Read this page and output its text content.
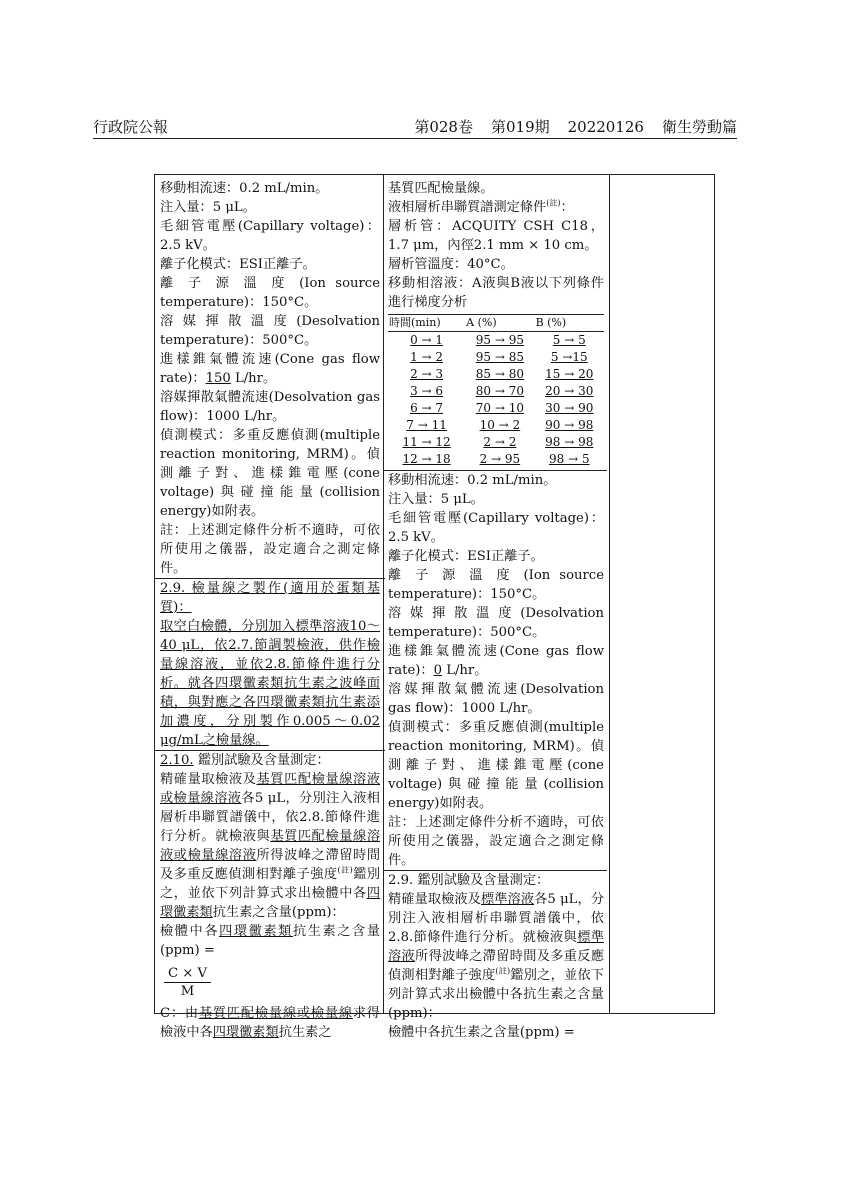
行政院公報	第028卷 第019期 20220126 衛生勞動篇

移動相流速：0.2 mL/min。

注入量：5 μL。

毛細管電壓(Capillary voltage)：2.5 kV。

離子化模式：ESI正離子。

離 子 源 溫 度 (Ion source temperature)：150°C。

溶 媒 揮 散 溫 度 (Desolvation temperature)：500°C。

進樣錐氣體流速(Cone gas flow rate)：150 L/hr。

溶媒揮散氣體流速(Desolvation gas flow)：1000 L/hr。

偵測模式：多重反應偵測(multiple reaction monitoring, MRM)。偵測離子對、進樣錐電壓(cone voltage)與碰撞能量(collision energy)如附表。

註：上述測定條件分析不適時，可依所使用之儀器，設定適合之測定條件。

2.9. 檢量線之製作(適用於蛋類基質)：

取空白檢體，分別加入標準溶液10～40 μL，依2.7.節調製檢液，供作檢量線溶液，並依2.8.節條件進行分析。就各四環黴素類抗生素之波峰面積，與對應之各四環黴素類抗生素添加濃度，分別製作0.005～0.02 μg/mL之檢量線。

2.10. 鑑別試驗及含量測定：

精確量取檢液及基質匹配檢量線溶液或檢量線溶液各5 μL，分別注入液相層析串聯質譜儀中，依2.8.節條件進行分析。就檢液與基質匹配檢量線溶液或檢量線溶液所得波峰之滯留時間及多重反應偵測相對離子強度$^{(註)}$鑑別之，並依下列計算式求出檢體中各四環黴素類抗生素之含量(ppm)：

檢體中各四環黴素類抗生素之含量(ppm) =

$\frac{C \times V}{M}$

C：由基質匹配檢量線或檢量線求得檢液中各四環黴素類抗生素之

基質匹配檢量線。

液相層析串聯質譜測定條件$^{(註)}$：

層析管：ACQUITY CSH C18，1.7 μm，內徑2.1 mm × 10 cm。

層析管溫度：40°C。

移動相溶液：A液與B液以下列條件進行梯度分析

時間(min)	A (%)	B (%)
0 → 1	95 → 95	5 → 5
1 → 2	95 → 85	5 →15
2 → 3	85 → 80	15 → 20
3 → 6	80 → 70	20 → 30
6 → 7	70 → 10	30 → 90
7 → 11	10 → 2	90 → 98
11 → 12	2 → 2	98 → 98
12 → 18	2 → 95	98 → 5

移動相流速：0.2 mL/min。

注入量：5 μL。

毛細管電壓(Capillary voltage)：2.5 kV。

離子化模式：ESI正離子。

離 子 源 溫 度 (Ion source temperature)：150°C。

溶 媒 揮 散 溫 度 (Desolvation temperature)：500°C。

進樣錐氣體流速(Cone gas flow rate)：0 L/hr。

溶媒揮散氣體流速(Desolvation gas flow)：1000 L/hr。

偵測模式：多重反應偵測(multiple reaction monitoring, MRM)。偵測離子對、進樣錐電壓(cone voltage)與碰撞能量(collision energy)如附表。

註：上述測定條件分析不適時，可依所使用之儀器，設定適合之測定條件。

2.9. 鑑別試驗及含量測定：

精確量取檢液及標準溶液各5 μL，分別注入液相層析串聯質譜儀中，依2.8.節條件進行分析。就檢液與標準溶液所得波峰之滯留時間及多重反應偵測相對離子強度$^{(註)}$鑑別之，並依下列計算式求出檢體中各抗生素之含量(ppm)：

檢體中各抗生素之含量(ppm) =
